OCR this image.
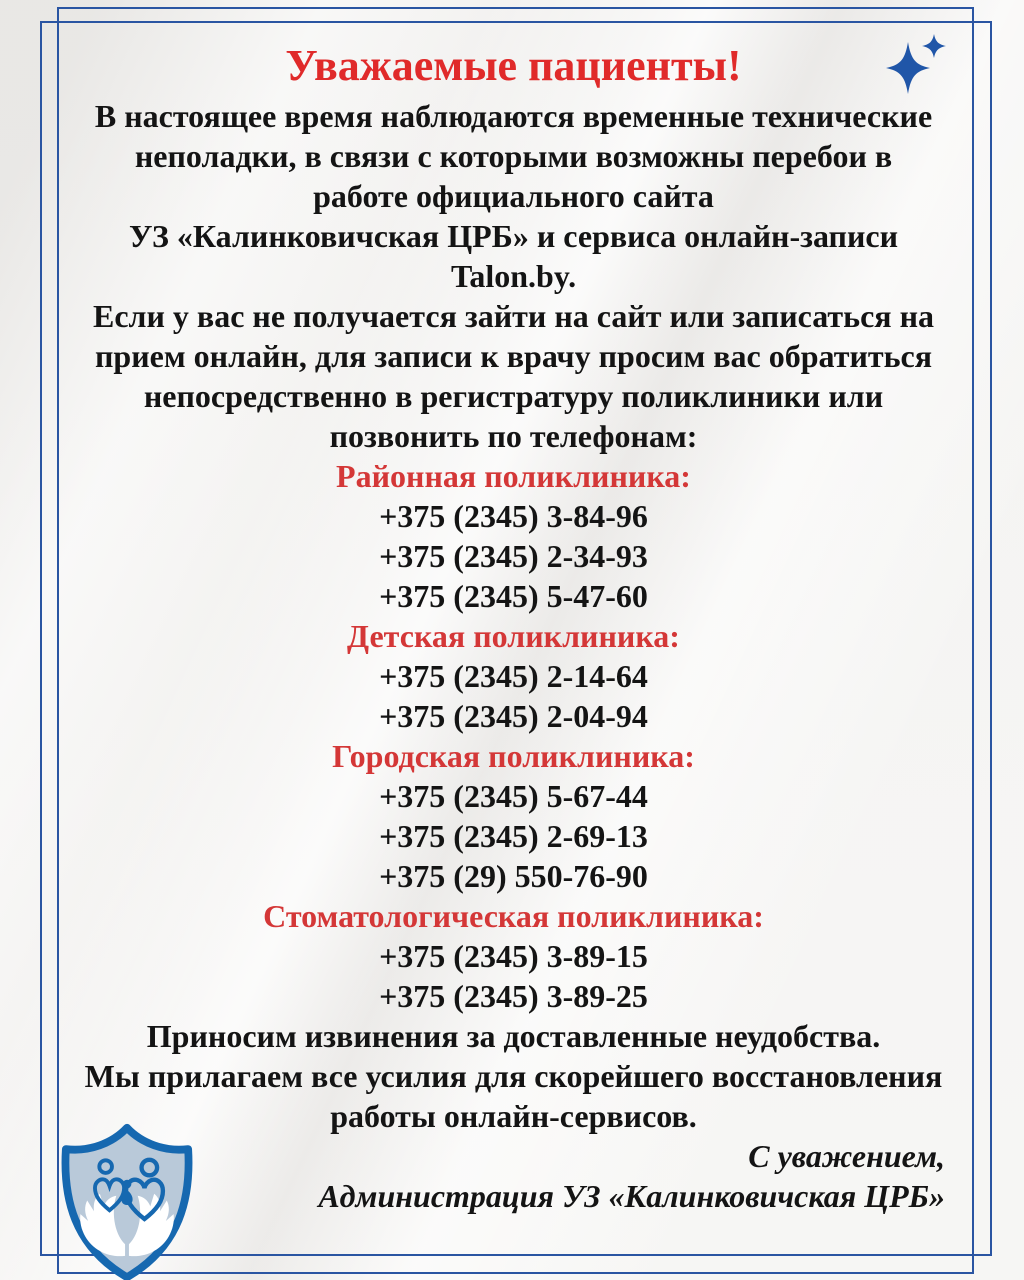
Уважаемые пациенты!
В настоящее время наблюдаются временные технические
неполадки, в связи с которыми возможны перебои в
работе официального сайта
УЗ «Калинковичская ЦРБ» и сервиса онлайн-записи
Talon.by.
Если у вас не получается зайти на сайт или записаться на
прием онлайн, для записи к врачу просим вас обратиться
непосредственно в регистратуру поликлиники или
позвонить по телефонам:
Районная поликлиника:
+375 (2345) 3-84-96
+375 (2345) 2-34-93
+375 (2345) 5-47-60
Детская поликлиника:
+375 (2345) 2-14-64
+375 (2345) 2-04-94
Городская поликлиника:
+375 (2345) 5-67-44
+375 (2345) 2-69-13
+375 (29) 550-76-90
Стоматологическая поликлиника:
+375 (2345) 3-89-15
+375 (2345) 3-89-25
Приносим извинения за доставленные неудобства.
Мы прилагаем все усилия для скорейшего восстановления
работы онлайн-сервисов.
С уважением,
Администрация УЗ «Калинковичская ЦРБ»
